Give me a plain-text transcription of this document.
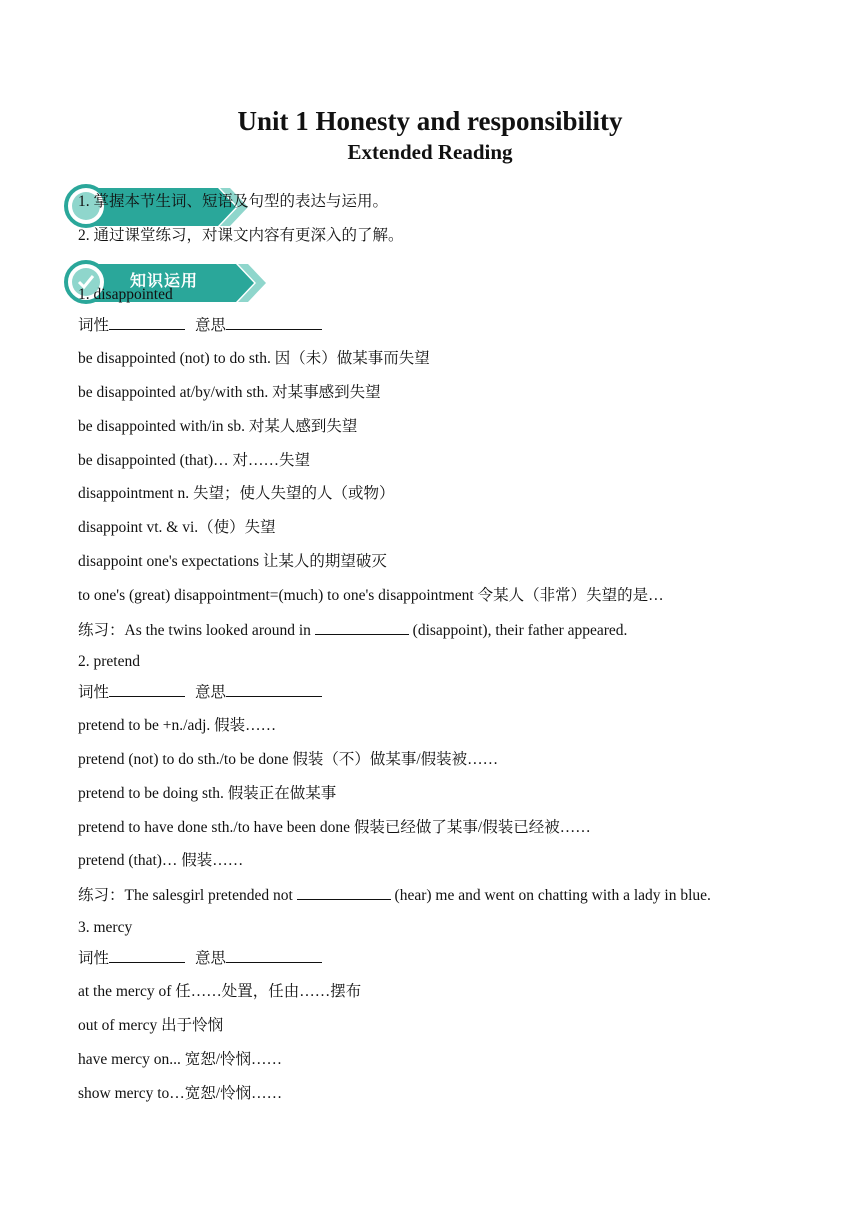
Unit 1 Honesty and responsibility
Extended Reading
知识运用
1. 掌握本节生词、短语及句型的表达与运用。
2. 通过课堂练习，对课文内容有更深入的了解。
1. disappointed
词性	意思
be disappointed (not) to do sth. 因（未）做某事而失望
be disappointed at/by/with sth. 对某事感到失望
be disappointed with/in sb. 对某人感到失望
be disappointed (that)… 对……失望
disappointment n. 失望；使人失望的人（或物）
disappoint vt. & vi.（使）失望
disappoint one's expectations 让某人的期望破灭
to one's (great) disappointment=(much) to one's disappointment 令某人（非常）失望的是…
练习：As the twins looked around in	(disappoint), their father appeared.
2. pretend
词性	意思
pretend to be +n./adj. 假装……
pretend (not) to do sth./to be done 假装（不）做某事/假装被……
pretend to be doing sth. 假装正在做某事
pretend to have done sth./to have been done 假装已经做了某事/假装已经被……
pretend (that)… 假装……
练习：The salesgirl pretended not	(hear) me and went on chatting with a lady in blue.
3. mercy
词性	意思
at the mercy of 任……处置，任由……摆布
out of mercy 出于怜悯
have mercy on... 宽恕/怜悯……
show mercy to…宽恕/怜悯……
